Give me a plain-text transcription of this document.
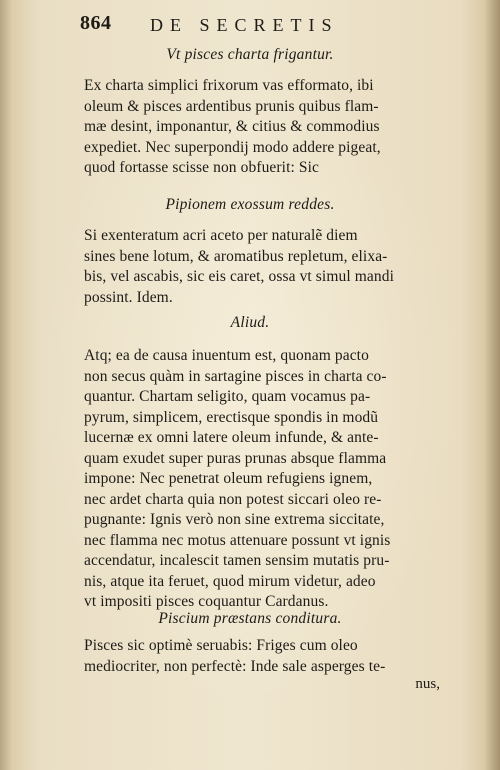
864 DE SECRETIS
Vt pisces charta frigantur.
Ex charta simplici frixorum vas efformato, ibi
oleum & pisces ardentibus prunis quibus flam-
mæ desint, imponantur, & citius & commodius
expediet. Nec superpondij modo addere pigeat,
quod fortasse scisse non obfuerit: Sic
Pipionem exossum reddes.
Si exenteratum acri aceto per naturalẽ diem
sines bene lotum, & aromatibus repletum, elixa-
bis, vel ascabis, sic eis caret, ossa vt simul mandi
possint. Idem.
Aliud.
Atq; ea de causa inuentum est, quonam pacto
non secus quàm in sartagine pisces in charta co-
quantur. Chartam seligito, quam vocamus pa-
pyrum, simplicem, erectisque spondis in modũ
lucernæ ex omni latere oleum infunde, & ante-
quam exudet super puras prunas absque flamma
impone: Nec penetrat oleum refugiens ignem,
nec ardet charta quia non potest siccari oleo re-
pugnante: Ignis verò non sine extrema siccitate,
nec flamma nec motus attenuare possunt vt ignis
accendatur, incalescit tamen sensim mutatis pru-
nis, atque ita feruet, quod mirum videtur, adeo
vt impositi pisces coquantur Cardanus.
Piscium præstans conditura.
Pisces sic optimè seruabis: Friges cum oleo
mediocriter, non perfectè: Inde sale asperges te-
nus,
